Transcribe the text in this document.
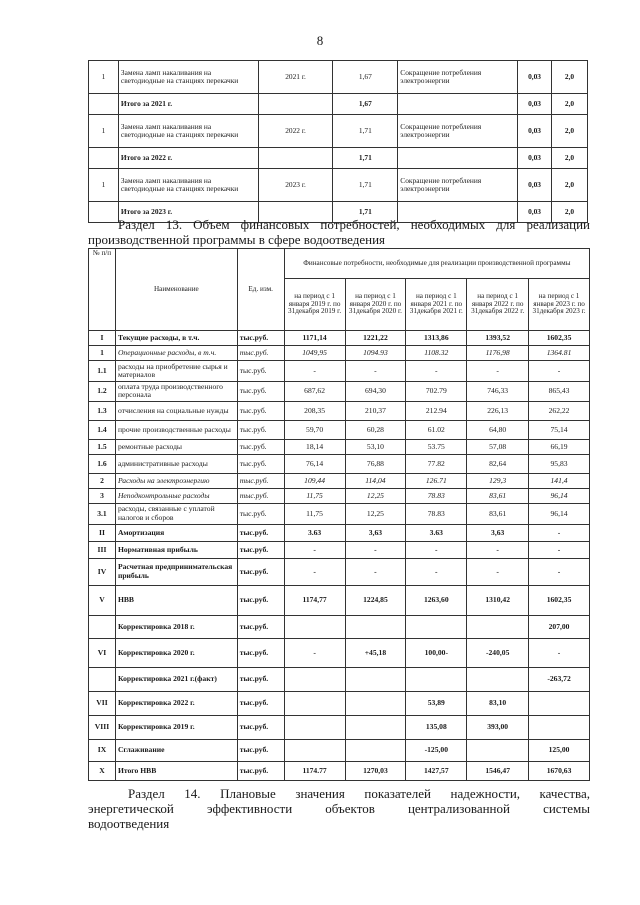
8
1	Замена ламп накаливания на светодиодные на станциях перекачки	2021 г.	1,67	Сокращение потребления электроэнергии	0,03	2,0
	Итого за 2021 г.		1,67		0,03	2,0
1	Замена ламп накаливания на светодиодные на станциях перекачки	2022 г.	1,71	Сокращение потребления электроэнергии	0,03	2,0
	Итого за 2022 г.		1,71		0,03	2,0
1	Замена ламп накаливания на светодиодные на станциях перекачки	2023 г.	1,71	Сокращение потребления электроэнергии	0,03	2,0
	Итого за 2023 г.		1,71		0,03	2,0
Раздел 13. Объем финансовых потребностей, необходимых для реализации
производственной программы в сфере водоотведения
№ п/п	Наименование	Ед. изм.	Финансовые потребности, необходимые для реализации производственной программы				
			на период с 1 января 2019 г. по 31декабря 2019 г.	на период с 1 января 2020 г. по 31декабря 2020 г.	на период с 1 января 2021 г. по 31декабря 2021 г.	на период с 1 января 2022 г. по 31декабря 2022 г.	на период с 1 января 2023 г. по 31декабря 2023 г.
I	Текущие расходы, в т.ч.	тыс.руб.	1171,14	1221,22	1313,86	1393,52	1602,35
1	Операционные расходы, в т.ч.	тыс.руб.	1049,95	1094.93	1108.32	1176,98	1364.81
1.1	расходы на приобретение сырья и материалов	тыс.руб.	-	-	-	-	-
1.2	оплата труда производственного персонала	тыс.руб.	687,62	694,30	702.79	746,33	865,43
1.3	отчисления на социальные нужды	тыс.руб.	208,35	210,37	212.94	226,13	262,22
1.4	прочие производственные расходы	тыс.руб.	59,70	60,28	61.02	64,80	75,14
1.5	ремонтные расходы	тыс.руб.	18,14	53,10	53.75	57,08	66,19
1.6	административные расходы	тыс.руб.	76,14	76,88	77.82	82,64	95,83
2	Расходы на электроэнергию	тыс.руб.	109,44	114,04	126.71	129,3	141,4
3	Неподконтрольные расходы	тыс.руб.	11,75	12,25	78.83	83,61	96,14
3.1	расходы, связанные с уплатой налогов и сборов	тыс.руб.	11,75	12,25	78.83	83,61	96,14
II	Амортизация	тыс.руб.	3.63	3,63	3.63	3,63	-
III	Нормативная прибыль	тыс.руб.	-	-	-	-	-
IV	Расчетная предпринимательская прибыль	тыс.руб.	-	-	-	-	-
V	НВВ	тыс.руб.	1174,77	1224,85	1263,60	1310,42	1602,35
	Корректировка 2018 г.	тыс.руб.					207,00
VI	Корректировка 2020 г.	тыс.руб.	-	+45,18	100,00-	-240,05	-
	Корректировка 2021 г.(факт)	тыс.руб.					-263,72
VII	Корректировка 2022 г.	тыс.руб.			53,89	83,10	
VIII	Корректировка 2019 г.	тыс.руб.			135,08	393,00	
IX	Сглаживание	тыс.руб.			-125,00		125,00
X	Итого НВВ	тыс.руб.	1174.77	1270,03	1427,57	1546,47	1670,63
Раздел 14. Плановые значения показателей надежности, качества,
энергетической эффективности объектов централизованной системы
водоотведения
